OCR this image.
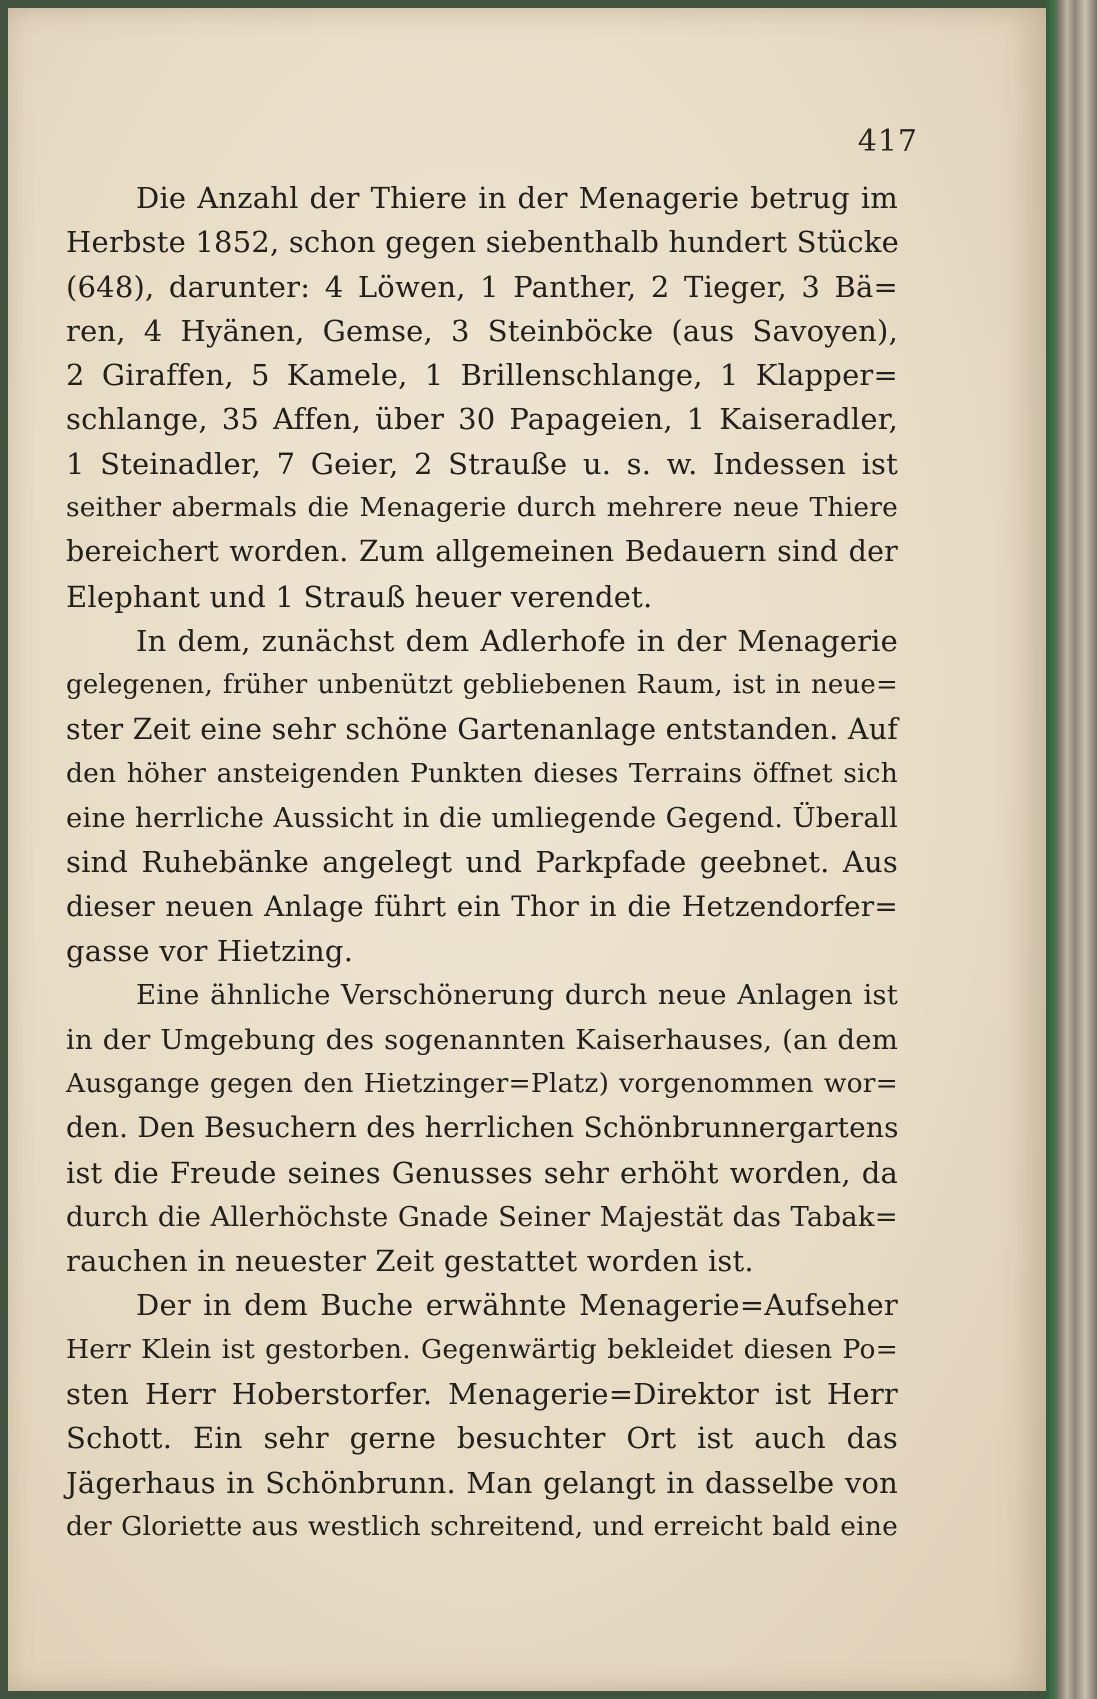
417
Die Anzahl der Thiere in der Menagerie betrug im
Herbste 1852, schon gegen siebenthalb hundert Stücke
(648), darunter: 4 Löwen, 1 Panther, 2 Tieger, 3 Bä=
ren, 4 Hyänen, Gemse, 3 Steinböcke (aus Savoyen),
2 Giraffen, 5 Kamele, 1 Brillenschlange, 1 Klapper=
schlange, 35 Affen, über 30 Papageien, 1 Kaiseradler,
1 Steinadler, 7 Geier, 2 Strauße u. s. w. Indessen ist
seither abermals die Menagerie durch mehrere neue Thiere
bereichert worden. Zum allgemeinen Bedauern sind der
Elephant und 1 Strauß heuer verendet.
In dem, zunächst dem Adlerhofe in der Menagerie
gelegenen, früher unbenützt gebliebenen Raum, ist in neue=
ster Zeit eine sehr schöne Gartenanlage entstanden. Auf
den höher ansteigenden Punkten dieses Terrains öffnet sich
eine herrliche Aussicht in die umliegende Gegend. Überall
sind Ruhebänke angelegt und Parkpfade geebnet. Aus
dieser neuen Anlage führt ein Thor in die Hetzendorfer=
gasse vor Hietzing.
Eine ähnliche Verschönerung durch neue Anlagen ist
in der Umgebung des sogenannten Kaiserhauses, (an dem
Ausgange gegen den Hietzinger=Platz) vorgenommen wor=
den. Den Besuchern des herrlichen Schönbrunnergartens
ist die Freude seines Genusses sehr erhöht worden, da
durch die Allerhöchste Gnade Seiner Majestät das Tabak=
rauchen in neuester Zeit gestattet worden ist.
Der in dem Buche erwähnte Menagerie=Aufseher
Herr Klein ist gestorben. Gegenwärtig bekleidet diesen Po=
sten Herr Hoberstorfer. Menagerie=Direktor ist Herr
Schott. Ein sehr gerne besuchter Ort ist auch das
Jägerhaus in Schönbrunn. Man gelangt in dasselbe von
der Gloriette aus westlich schreitend, und erreicht bald eine
